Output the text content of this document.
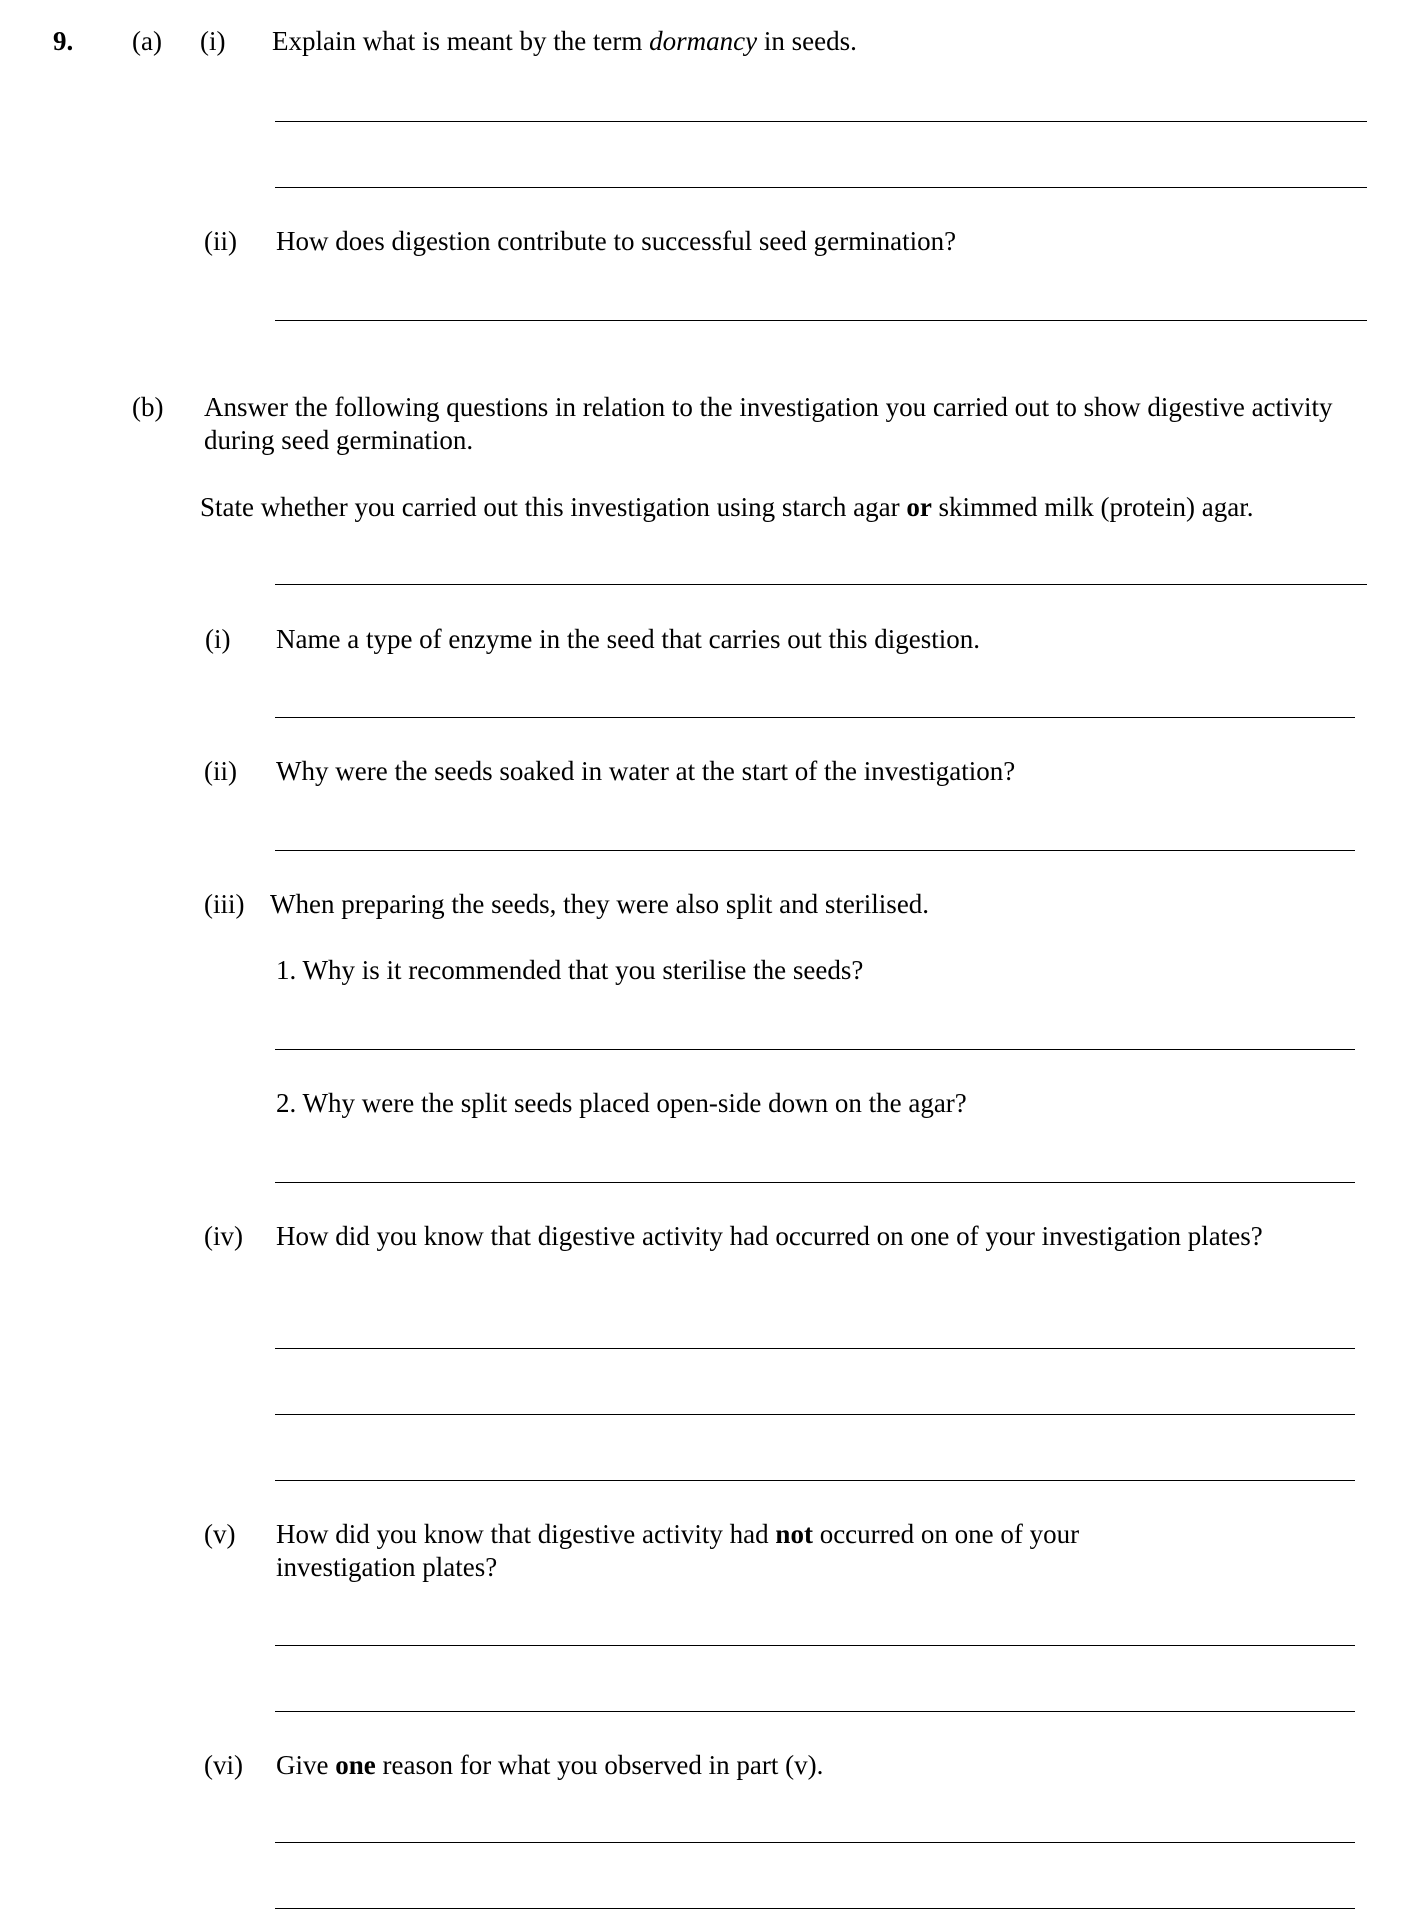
9. (a) (i) Explain what is meant by the term dormancy in seeds.
(ii) How does digestion contribute to successful seed germination?
(b) Answer the following questions in relation to the investigation you carried out to show digestive activity during seed germination.
State whether you carried out this investigation using starch agar or skimmed milk (protein) agar.
(i) Name a type of enzyme in the seed that carries out this digestion.
(ii) Why were the seeds soaked in water at the start of the investigation?
(iii) When preparing the seeds, they were also split and sterilised.
1. Why is it recommended that you sterilise the seeds?
2. Why were the split seeds placed open-side down on the agar?
(iv) How did you know that digestive activity had occurred on one of your investigation plates?
(v) How did you know that digestive activity had not occurred on one of your investigation plates?
(vi) Give one reason for what you observed in part (v).
